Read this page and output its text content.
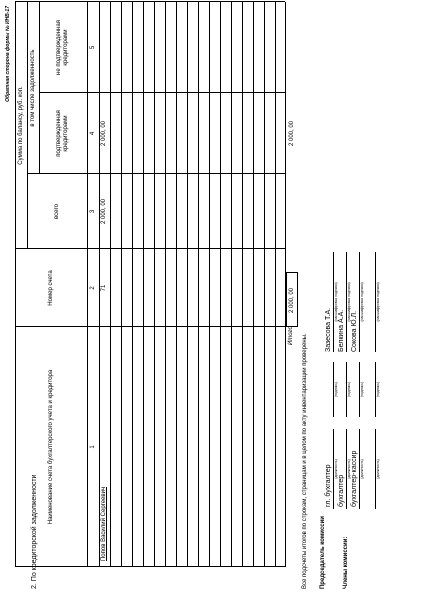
Обратная сторона формы № ИНВ-17
2. По кредиторской задолженности
Наименование счета бухгалтерского учета и кредитора
Номер счета
Сумма по балансу, руб. коп.
всего
в том числе задолженность
подтвержденная кредиторами
не подтвержденная кредиторами
1
2
3
4
5
Попов Василий Сергеевич
71
2 000, 00
2 000, 00
Итого
2 000, 00
2 000, 00
Все подсчеты итогов по строкам, страницам и в целом по акту инвентаризации проверены. Председатель комиссии	Члены комиссии:
гл. бухгалтер (должность)
(подпись)
Зазесова Т.А.
(расшифровка подписи)
бухгалтер
(должность)
(подпись)
Белкина А.А.
(расшифровка подписи)
бухгалтер-кассир (должность)
(подпись)
Сокова Ю.Л.
(расшифровка подписи)
(должность)
(подпись)
(расшифровка подписи)
